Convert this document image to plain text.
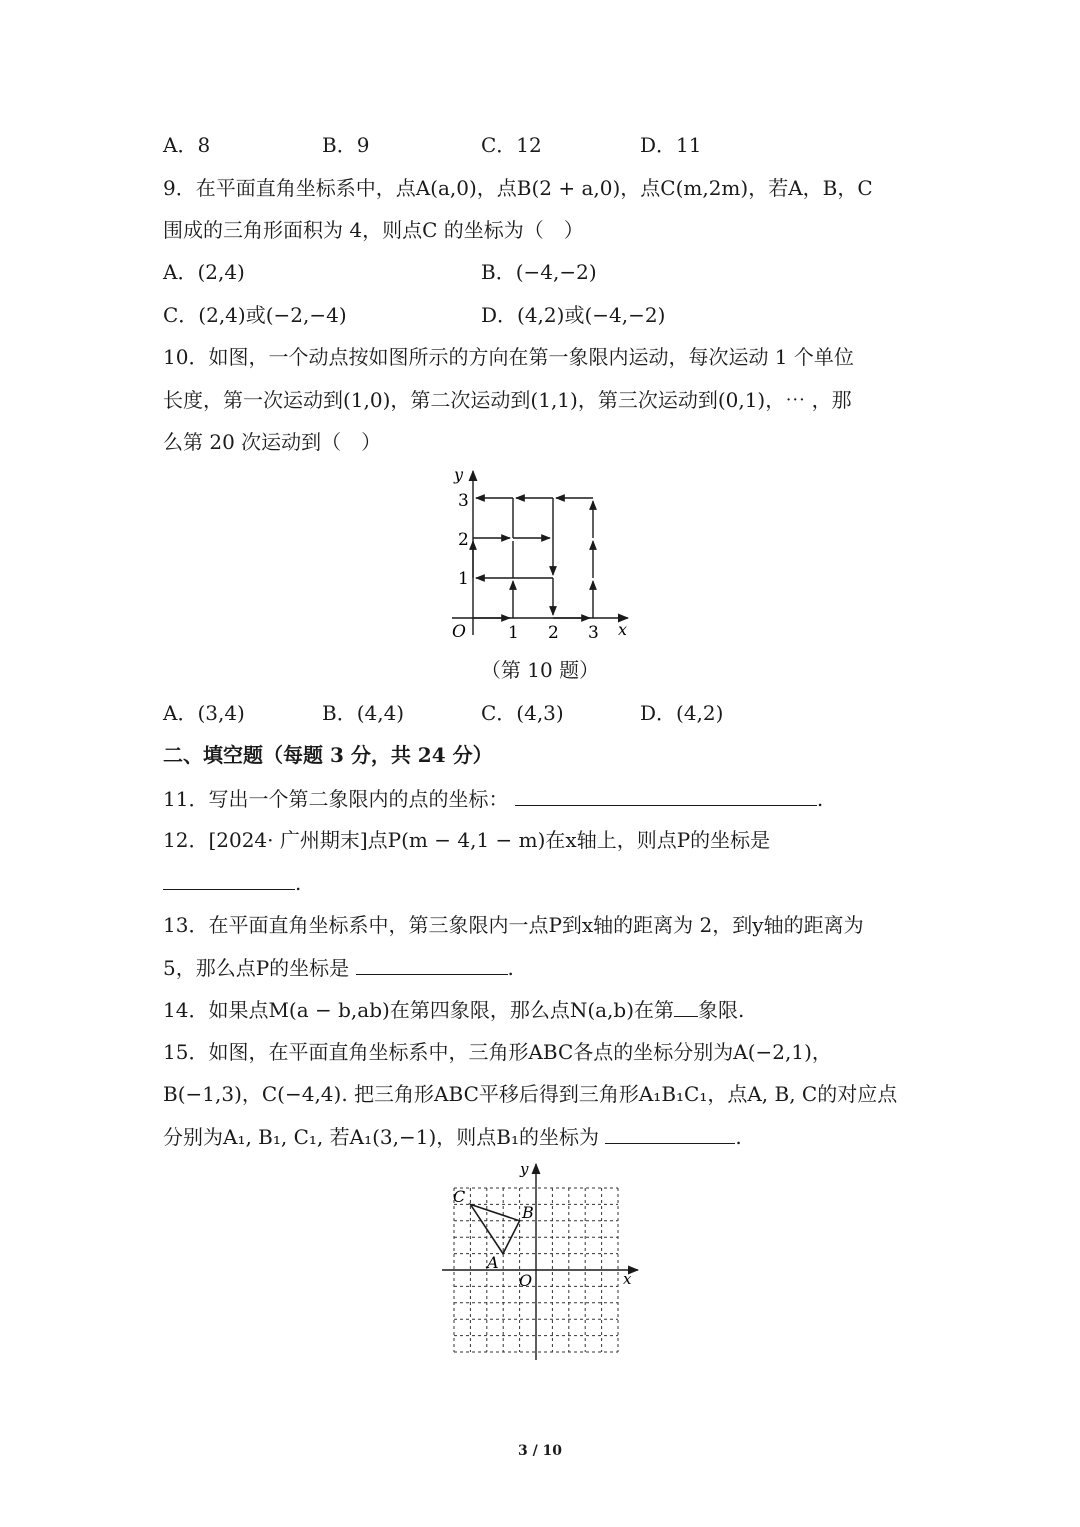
A．8	B．9	C．12	D．11
9．在平面直角坐标系中，点A(a,0)，点B(2 + a,0)，点C(m,2m)，若A，B，C
围成的三角形面积为 4，则点C 的坐标为（　）
A．(2,4)	B．(−4,−2)
C．(2,4)或(−2,−4)	D．(4,2)或(−4,−2)
10．如图，一个动点按如图所示的方向在第一象限内运动，每次运动 1 个单位
长度，第一次运动到(1,0)，第二次运动到(1,1)，第三次运动到(0,1)，⋯ ，那
么第 20 次运动到（　）
y
x
O 1 2 3
1
2
3
（第 10 题）
A．(3,4)	B．(4,4)	C．(4,3)	D．(4,2)
二、填空题（每题 3 分，共 24 分）
11．写出一个第二象限内的点的坐标：	.
12．[2024· 广州期末]点P(m − 4,1 − m)在x轴上，则点P的坐标是
.
13．在平面直角坐标系中，第三象限内一点P到x轴的距离为 2，到y轴的距离为
5，那么点P的坐标是	.
14．如果点M(a − b,ab)在第四象限，那么点N(a,b)在第 象限.
15．如图，在平面直角坐标系中，三角形ABC各点的坐标分别为A(−2,1)，
B(−1,3)，C(−4,4). 把三角形ABC平移后得到三角形A₁B₁C₁，点A, B, C的对应点
分别为A₁, B₁, C₁, 若A₁(3,−1)，则点B₁的坐标为	.
x
y
O
A
B
C
3 / 10
